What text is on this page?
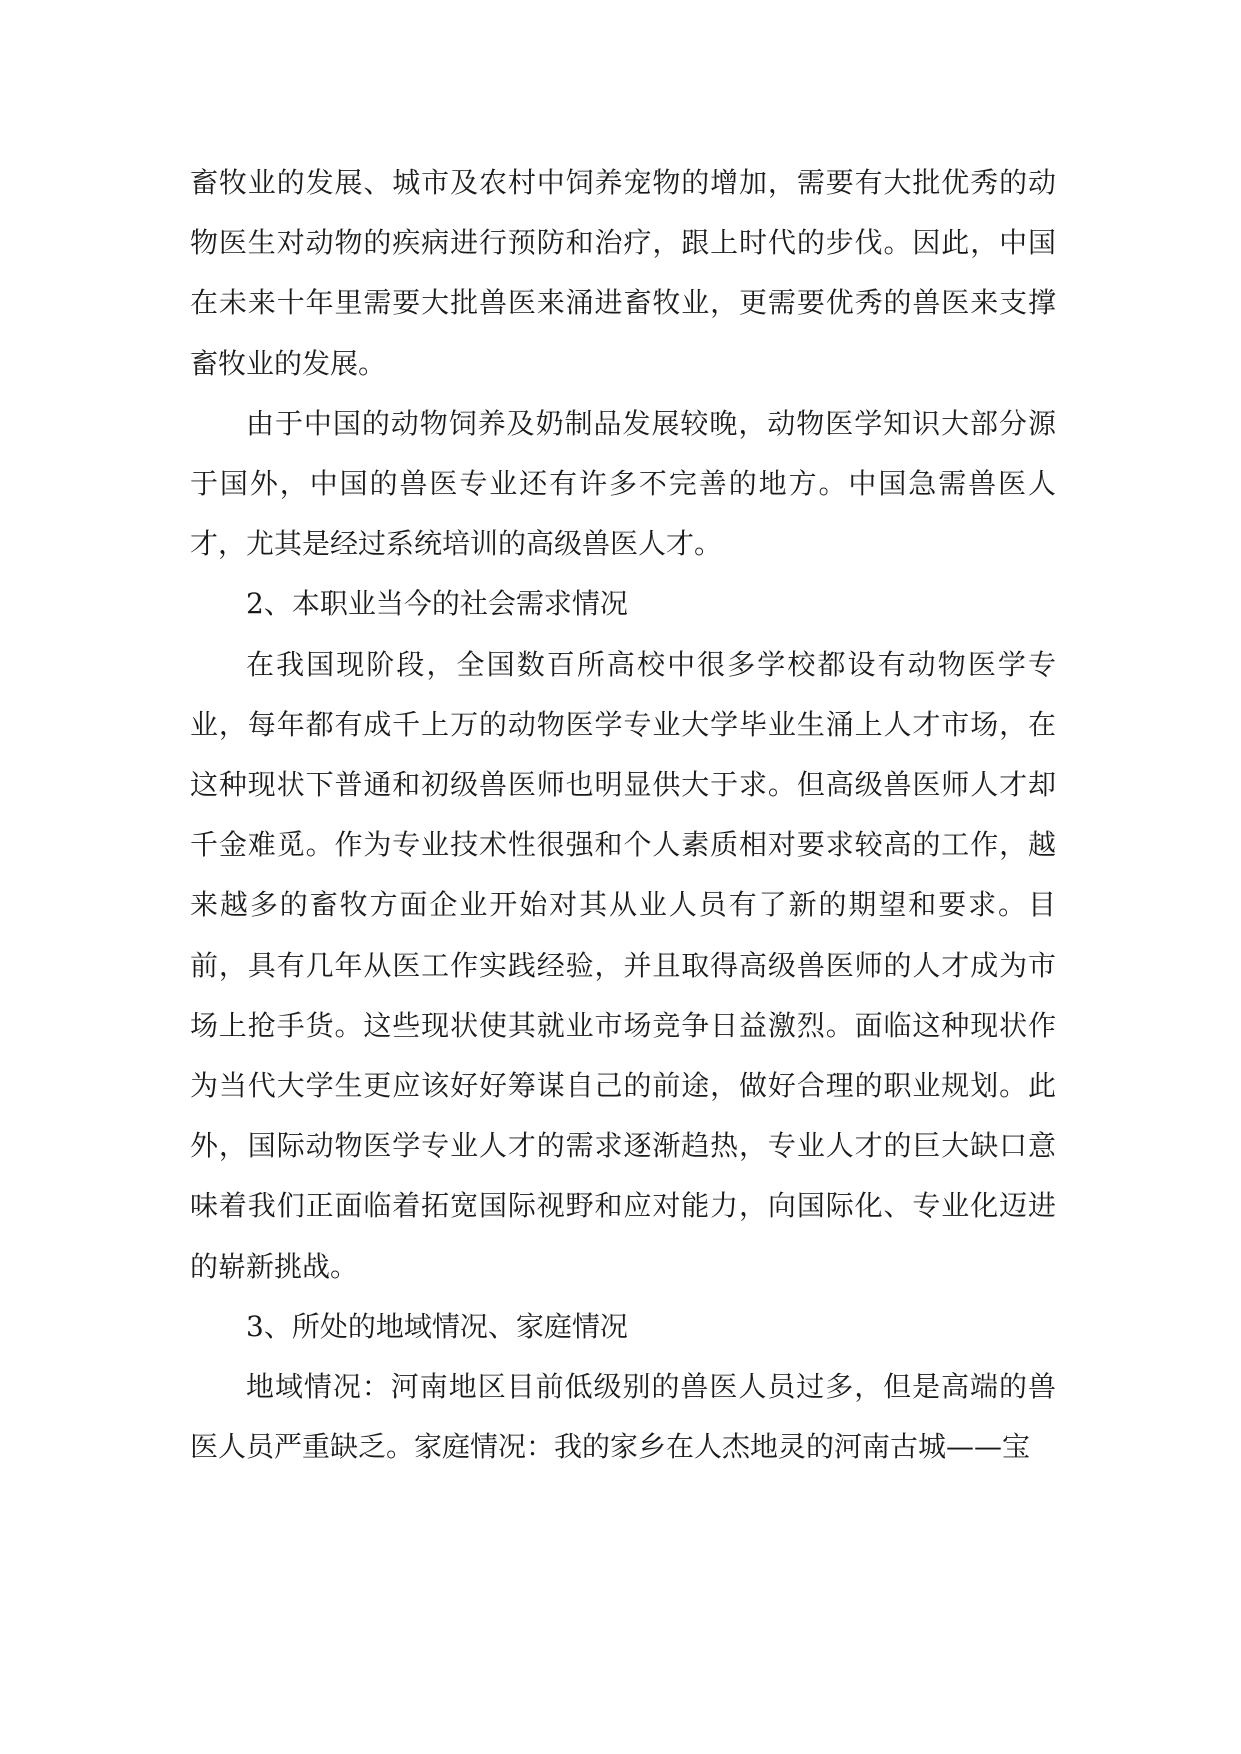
畜牧业的发展、城市及农村中饲养宠物的增加，需要有大批优秀的动物医生对动物的疾病进行预防和治疗，跟上时代的步伐。因此，中国在未来十年里需要大批兽医来涌进畜牧业，更需要优秀的兽医来支撑畜牧业的发展。

由于中国的动物饲养及奶制品发展较晚，动物医学知识大部分源于国外，中国的兽医专业还有许多不完善的地方。中国急需兽医人才，尤其是经过系统培训的高级兽医人才。

2、本职业当今的社会需求情况

在我国现阶段，全国数百所高校中很多学校都设有动物医学专业，每年都有成千上万的动物医学专业大学毕业生涌上人才市场，在这种现状下普通和初级兽医师也明显供大于求。但高级兽医师人才却千金难觅。作为专业技术性很强和个人素质相对要求较高的工作，越来越多的畜牧方面企业开始对其从业人员有了新的期望和要求。目前，具有几年从医工作实践经验，并且取得高级兽医师的人才成为市场上抢手货。这些现状使其就业市场竞争日益激烈。面临这种现状作为当代大学生更应该好好筹谋自己的前途，做好合理的职业规划。此外，国际动物医学专业人才的需求逐渐趋热，专业人才的巨大缺口意味着我们正面临着拓宽国际视野和应对能力，向国际化、专业化迈进的崭新挑战。

3、所处的地域情况、家庭情况

地域情况：河南地区目前低级别的兽医人员过多，但是高端的兽医人员严重缺乏。家庭情况：我的家乡在人杰地灵的河南古城——宝
